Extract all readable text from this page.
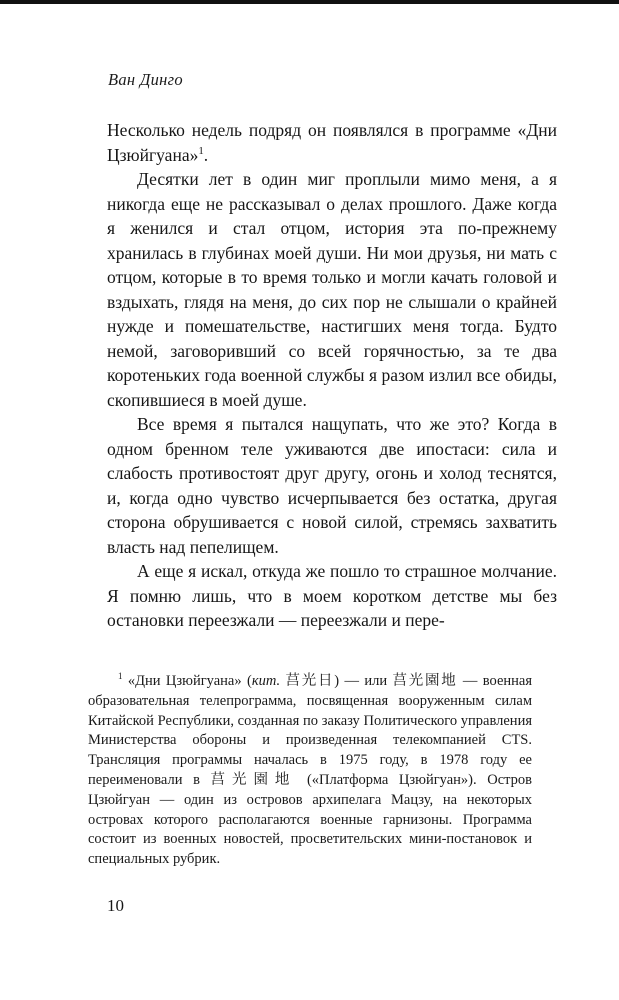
Ван Динго

Несколько недель подряд он появлялся в программе «Дни Цзюйгуана»$^1$.

Десятки лет в один миг проплыли мимо меня, а я никогда еще не рассказывал о делах прошлого. Даже когда я женился и стал отцом, история эта по-прежнему хранилась в глубинах моей души. Ни мои друзья, ни мать с отцом, которые в то время только и могли качать головой и вздыхать, глядя на меня, до сих пор не слышали о крайней нужде и помешательстве, настигших меня тогда. Будто немой, заговоривший со всей горячностью, за те два коротеньких года военной службы я разом излил все обиды, скопившиеся в моей душе.

Все время я пытался нащупать, что же это? Когда в одном бренном теле уживаются две ипостаси: сила и слабость противостоят друг другу, огонь и холод теснятся, и, когда одно чувство исчерпывается без остатка, другая сторона обрушивается с новой силой, стремясь захватить власть над пепелищем.

А еще я искал, откуда же пошло то страшное молчание. Я помню лишь, что в моем коротком детстве мы без остановки переезжали — переезжали и пере-

$^1$ «Дни Цзюйгуана» (кит. 莒光日) — или 莒光園地 — военная образовательная телепрограмма, посвященная вооруженным силам Китайской Республики, созданная по заказу Политического управления Министерства обороны и произведенная телекомпанией CTS. Трансляция программы началась в 1975 году, в 1978 году ее переименовали в 莒光園地 («Платформа Цзюйгуан»). Остров Цзюйгуан — один из островов архипелага Мацзу, на некоторых островах которого располагаются военные гарнизоны. Программа состоит из военных новостей, просветительских мини-постановок и специальных рубрик.

10
